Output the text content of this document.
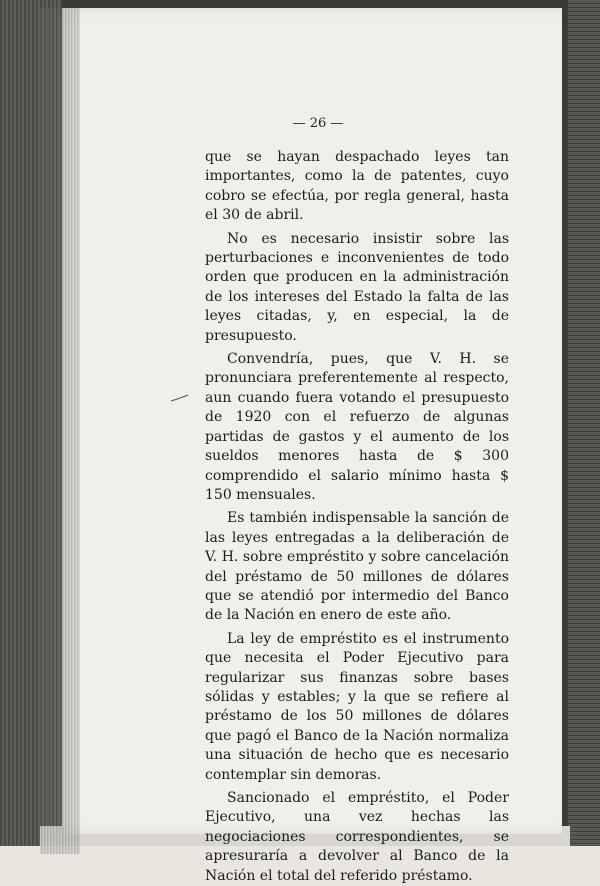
— 26 —

que se hayan despachado leyes tan importantes, como la de patentes, cuyo cobro se efectúa, por regla general, hasta el 30 de abril.

No es necesario insistir sobre las perturbaciones e inconvenientes de todo orden que producen en la administración de los intereses del Estado la falta de las leyes citadas, y, en especial, la de presupuesto.

Convendría, pues, que V. H. se pronunciara preferentemente al respecto, aun cuando fuera votando el presupuesto de 1920 con el refuerzo de algunas partidas de gastos y el aumento de los sueldos menores hasta de $ 300 comprendido el salario mínimo hasta $ 150 mensuales.

Es también indispensable la sanción de las leyes entregadas a la deliberación de V. H. sobre empréstito y sobre cancelación del préstamo de 50 millones de dólares que se atendió por intermedio del Banco de la Nación en enero de este año.

La ley de empréstito es el instrumento que necesita el Poder Ejecutivo para regularizar sus finanzas sobre bases sólidas y estables; y la que se refiere al préstamo de los 50 millones de dólares que pagó el Banco de la Nación normaliza una situación de hecho que es necesario contemplar sin demoras.

Sancionado el empréstito, el Poder Ejecutivo, una vez hechas las negociaciones correspondientes, se apresuraría a devolver al Banco de la Nación el total del referido préstamo.
